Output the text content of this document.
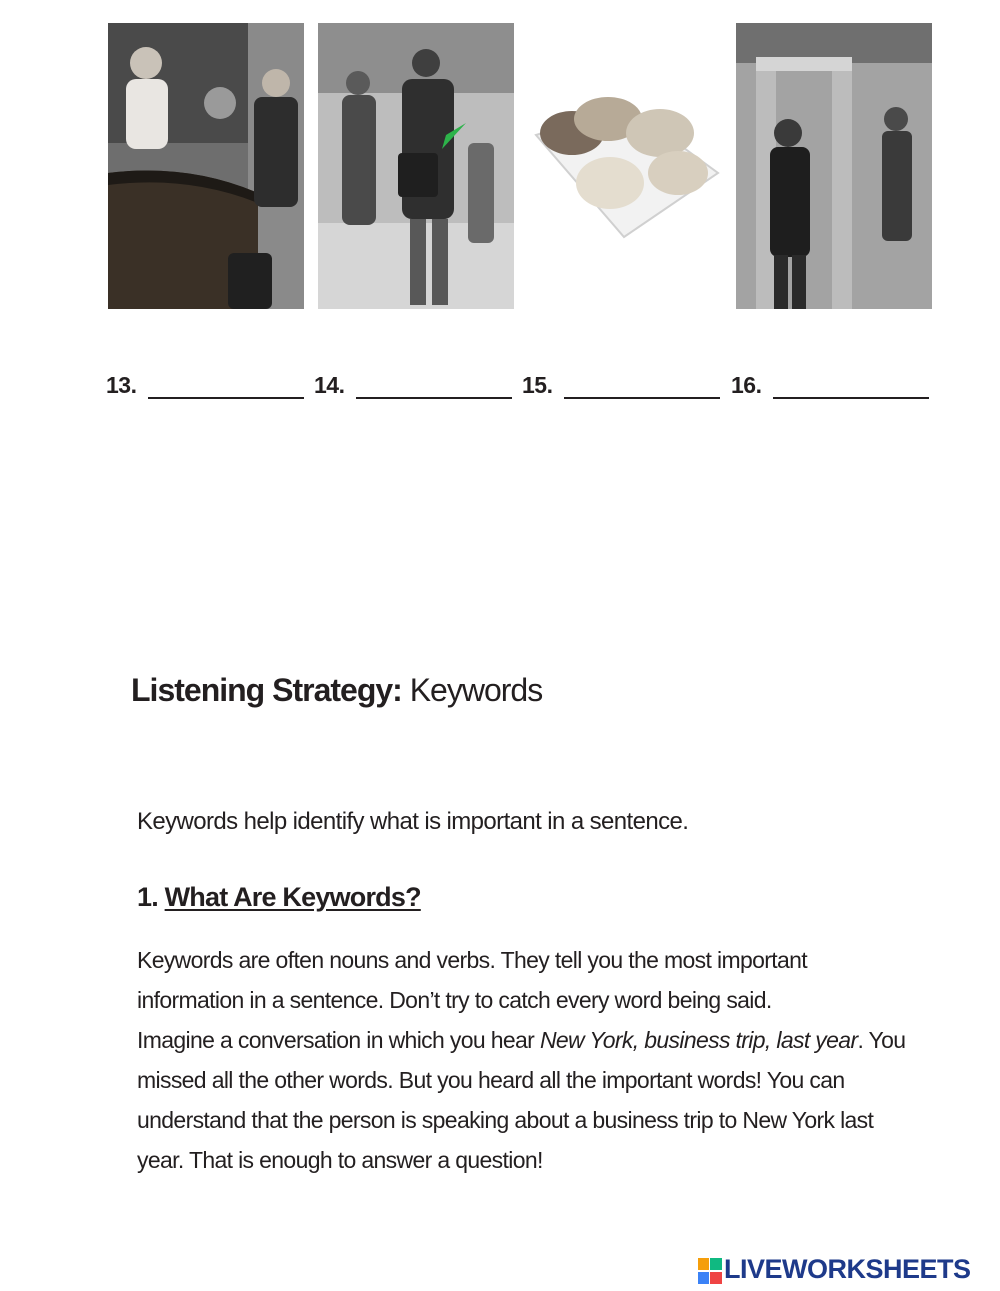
13.	14.	15.	16.
Listening Strategy: Keywords

Keywords help identify what is important in a sentence.

1. What Are Keywords?

Keywords are often nouns and verbs. They tell you the most important
information in a sentence. Don’t try to catch every word being said.
Imagine a conversation in which you hear New York, business trip, last year. You
missed all the other words. But you heard all the important words! You can
understand that the person is speaking about a business trip to New York last
year. That is enough to answer a question!

LIVEWORKSHEETS
